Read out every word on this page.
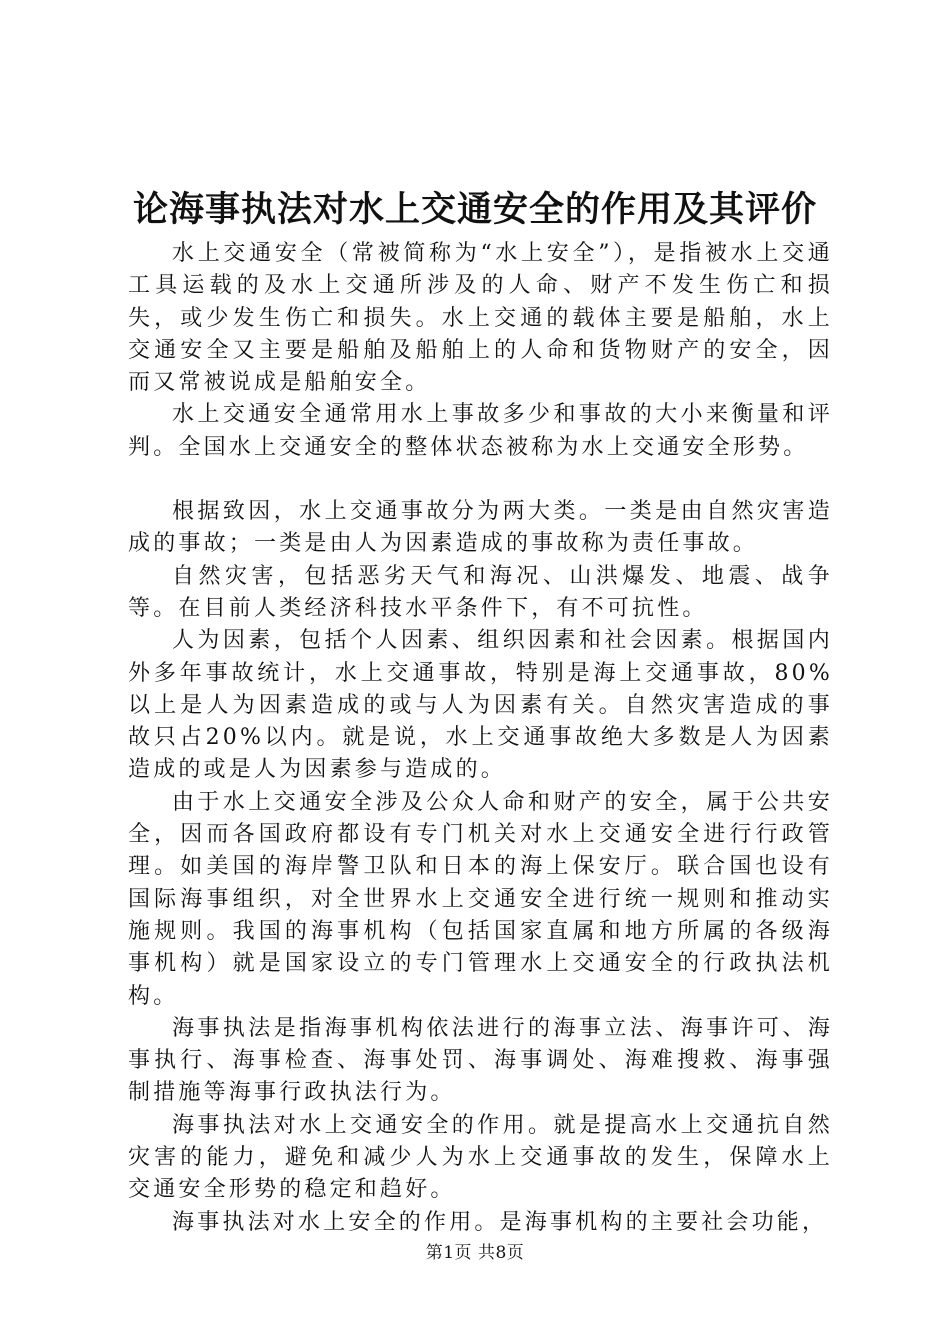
论海事执法对水上交通安全的作用及其评价

水上交通安全（常被简称为“水上安全”），是指被水上交通工具运载的及水上交通所涉及的人命、财产不发生伤亡和损失，或少发生伤亡和损失。水上交通的载体主要是船舶，水上交通安全又主要是船舶及船舶上的人命和货物财产的安全，因而又常被说成是船舶安全。

水上交通安全通常用水上事故多少和事故的大小来衡量和评判。全国水上交通安全的整体状态被称为水上交通安全形势。

根据致因，水上交通事故分为两大类。一类是由自然灾害造成的事故；一类是由人为因素造成的事故称为责任事故。

自然灾害，包括恶劣天气和海况、山洪爆发、地震、战争等。在目前人类经济科技水平条件下，有不可抗性。

人为因素，包括个人因素、组织因素和社会因素。根据国内外多年事故统计，水上交通事故，特别是海上交通事故，80%以上是人为因素造成的或与人为因素有关。自然灾害造成的事故只占20%以内。就是说，水上交通事故绝大多数是人为因素造成的或是人为因素参与造成的。

由于水上交通安全涉及公众人命和财产的安全，属于公共安全，因而各国政府都设有专门机关对水上交通安全进行行政管理。如美国的海岸警卫队和日本的海上保安厅。联合国也设有国际海事组织，对全世界水上交通安全进行统一规则和推动实施规则。我国的海事机构（包括国家直属和地方所属的各级海事机构）就是国家设立的专门管理水上交通安全的行政执法机构。

海事执法是指海事机构依法进行的海事立法、海事许可、海事执行、海事检查、海事处罚、海事调处、海难搜救、海事强制措施等海事行政执法行为。

海事执法对水上交通安全的作用。就是提高水上交通抗自然灾害的能力，避免和减少人为水上交通事故的发生，保障水上交通安全形势的稳定和趋好。

海事执法对水上安全的作用。是海事机构的主要社会功能，

第1页 共8页
